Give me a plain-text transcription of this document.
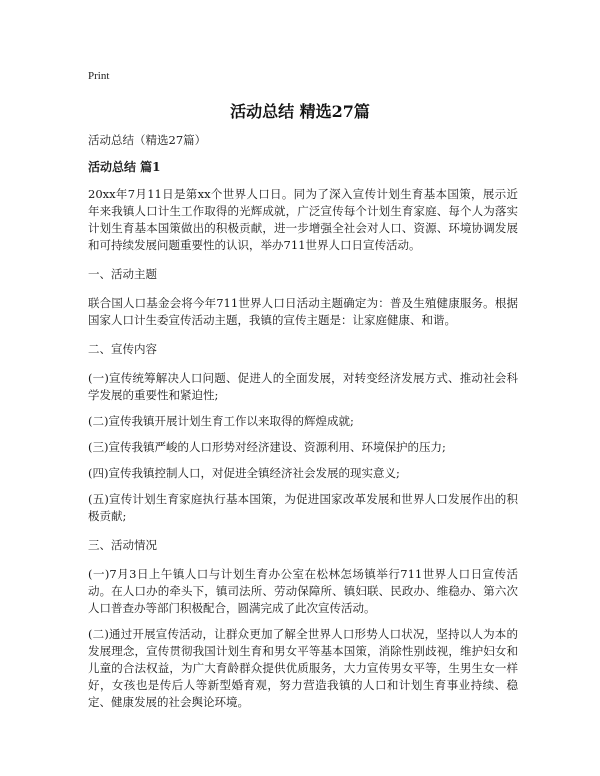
Print
活动总结 精选27篇

活动总结（精选27篇）

活动总结 篇1

20xx年7月11日是第xx个世界人口日。同为了深入宣传计划生育基本国策，展示近年来我镇人口计生工作取得的光辉成就，广泛宣传每个计划生育家庭、每个人为落实计划生育基本国策做出的积极贡献，进一步增强全社会对人口、资源、环境协调发展和可持续发展问题重要性的认识，举办711世界人口日宣传活动。

一、活动主题

联合国人口基金会将今年711世界人口日活动主题确定为：普及生殖健康服务。根据国家人口计生委宣传活动主题，我镇的宣传主题是：让家庭健康、和谐。

二、宣传内容

(一)宣传统筹解决人口问题、促进人的全面发展，对转变经济发展方式、推动社会科学发展的重要性和紧迫性;

(二)宣传我镇开展计划生育工作以来取得的辉煌成就;

(三)宣传我镇严峻的人口形势对经济建设、资源利用、环境保护的压力;

(四)宣传我镇控制人口，对促进全镇经济社会发展的现实意义;

(五)宣传计划生育家庭执行基本国策，为促进国家改革发展和世界人口发展作出的积极贡献;

三、活动情况

(一)7月3日上午镇人口与计划生育办公室在松林怎场镇举行711世界人口日宣传活动。在人口办的牵头下，镇司法所、劳动保障所、镇妇联、民政办、维稳办、第六次人口普查办等部门积极配合，圆满完成了此次宣传活动。

(二)通过开展宣传活动，让群众更加了解全世界人口形势人口状况，坚持以人为本的发展理念，宣传贯彻我国计划生育和男女平等基本国策，消除性别歧视，维护妇女和儿童的合法权益，为广大育龄群众提供优质服务，大力宣传男女平等，生男生女一样好，女孩也是传后人等新型婚育观，努力营造我镇的人口和计划生育事业持续、稳定、健康发展的社会舆论环境。
